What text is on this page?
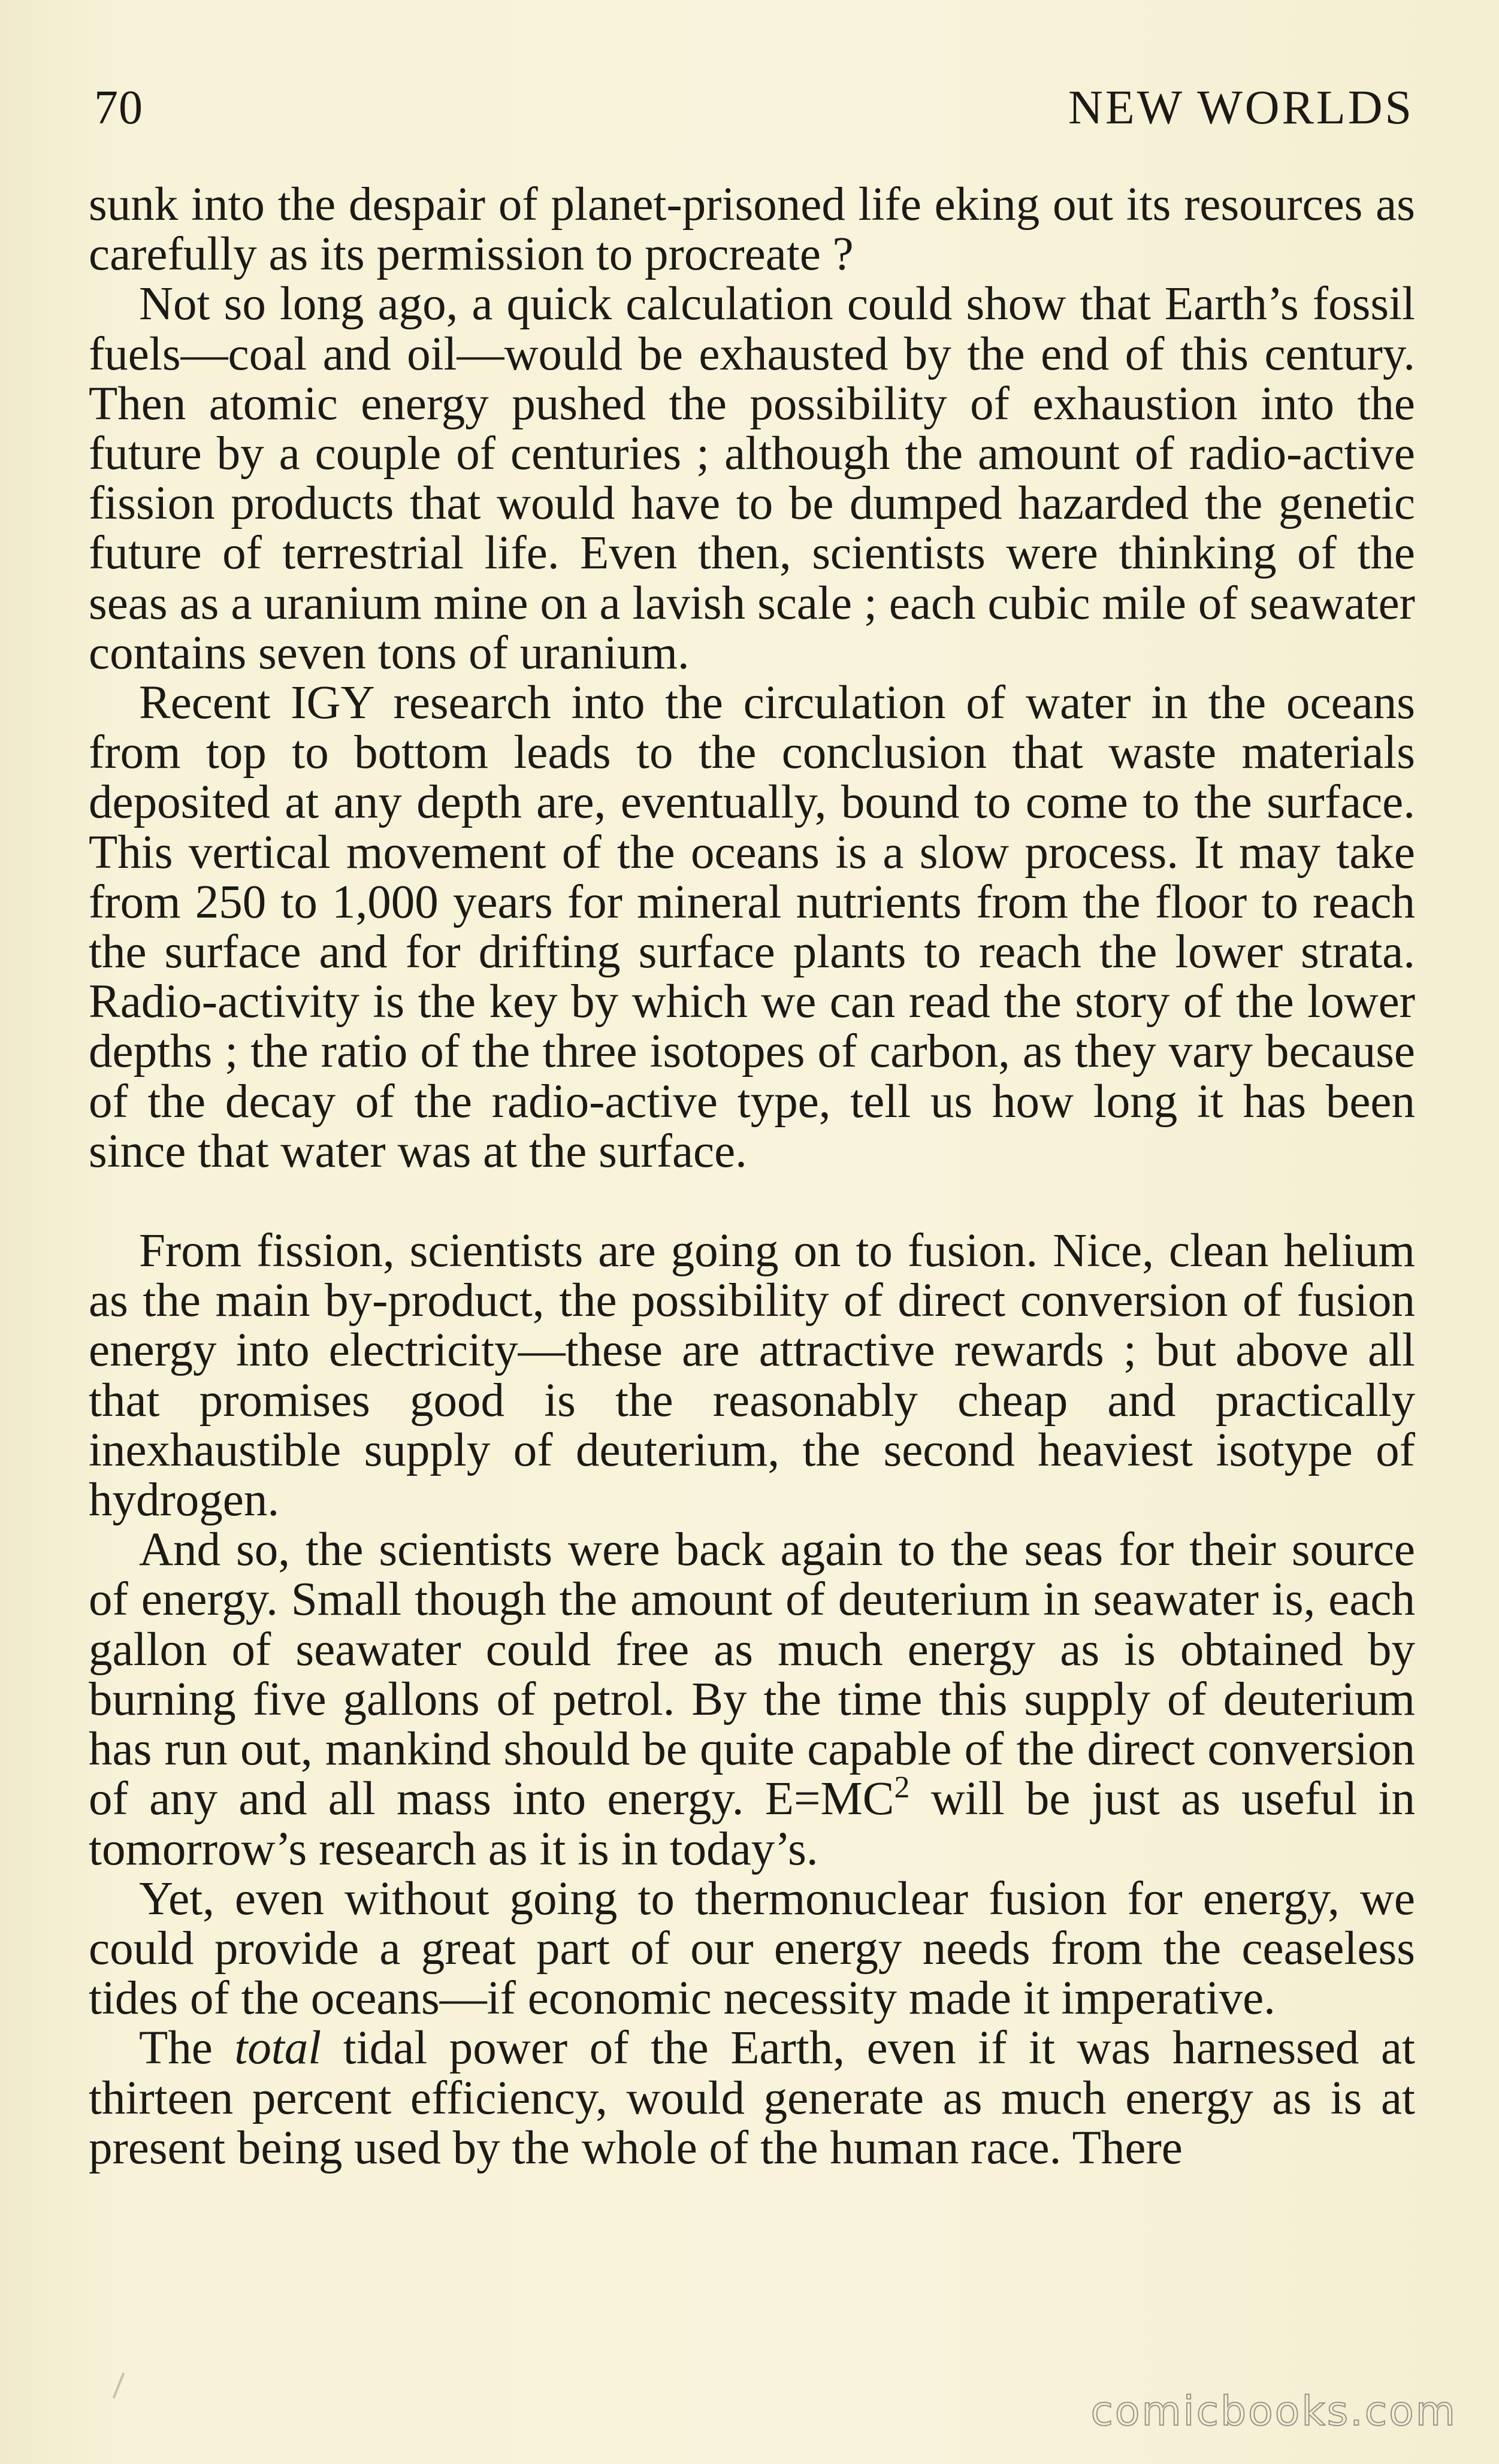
70	NEW WORLDS

sunk into the despair of planet-prisoned life eking out its resources as carefully as its permission to procreate ?

Not so long ago, a quick calculation could show that Earth’s fossil fuels—coal and oil—would be exhausted by the end of this century. Then atomic energy pushed the possibility of exhaustion into the future by a couple of centuries ; although the amount of radio-active fission products that would have to be dumped hazarded the genetic future of terrestrial life. Even then, scientists were thinking of the seas as a uranium mine on a lavish scale ; each cubic mile of seawater contains seven tons of uranium.

Recent IGY research into the circulation of water in the oceans from top to bottom leads to the conclusion that waste materials deposited at any depth are, eventually, bound to come to the surface. This vertical movement of the oceans is a slow process. It may take from 250 to 1,000 years for mineral nutrients from the floor to reach the surface and for drifting surface plants to reach the lower strata. Radio-activity is the key by which we can read the story of the lower depths ; the ratio of the three isotopes of carbon, as they vary because of the decay of the radio-active type, tell us how long it has been since that water was at the surface.

From fission, scientists are going on to fusion. Nice, clean helium as the main by-product, the possibility of direct conversion of fusion energy into electricity—these are attractive rewards ; but above all that promises good is the reasonably cheap and practically inexhaustible supply of deuterium, the second heaviest isotype of hydrogen.

And so, the scientists were back again to the seas for their source of energy. Small though the amount of deuterium in seawater is, each gallon of seawater could free as much energy as is obtained by burning five gallons of petrol. By the time this supply of deuterium has run out, mankind should be quite capable of the direct conversion of any and all mass into energy. $E=MC^2$ will be just as useful in tomorrow’s research as it is in today’s.

Yet, even without going to thermonuclear fusion for energy, we could provide a great part of our energy needs from the ceaseless tides of the oceans—if economic necessity made it imperative.

The total tidal power of the Earth, even if it was harnessed at thirteen percent efficiency, would generate as much energy as is at present being used by the whole of the human race. There

comicbooks.com
